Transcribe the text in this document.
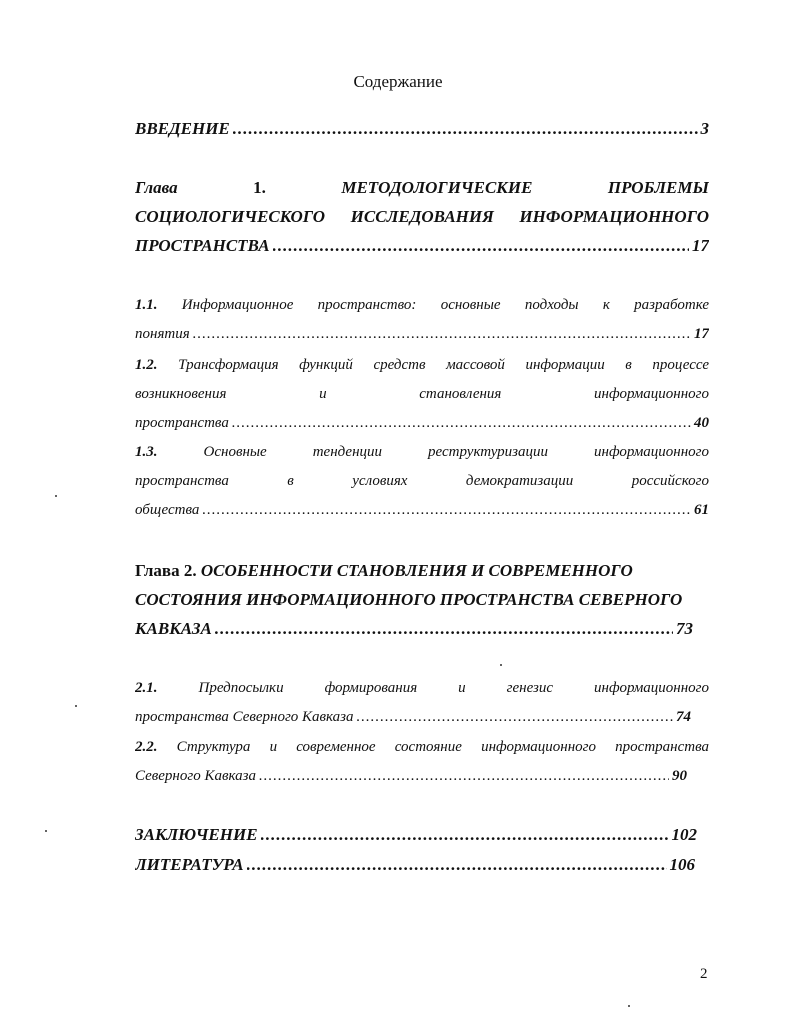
Содержание
ВВЕДЕНИЕ .....	3
Глава	1.	МЕТОДОЛОГИЧЕСКИЕ	ПРОБЛЕМЫ
СОЦИОЛОГИЧЕСКОГО ИССЛЕДОВАНИЯ ИНФОРМАЦИОННОГО
ПРОСТРАНСТВА .....	17
1.1. Информационное пространство: основные подходы к разработке
понятия .....	17
1.2. Трансформация функций средств массовой информации в процессе
возникновения и становления информационного
пространства .....	40
1.3.	Основные тенденции реструктуризации информационного
пространства в условиях демократизации российского
общества .....	61
Глава 2. ОСОБЕННОСТИ СТАНОВЛЕНИЯ И СОВРЕМЕННОГО
СОСТОЯНИЯ ИНФОРМАЦИОННОГО ПРОСТРАНСТВА СЕВЕРНОГО
КАВКАЗА .....	73
2.1.	Предпосылки формирования и генезис информационного
пространства Северного Кавказа .....	74
2.2. Структура и современное состояние информационного пространства
Северного Кавказа .....	90
ЗАКЛЮЧЕНИЕ .....	102
ЛИТЕРАТУРА .....	106
2
